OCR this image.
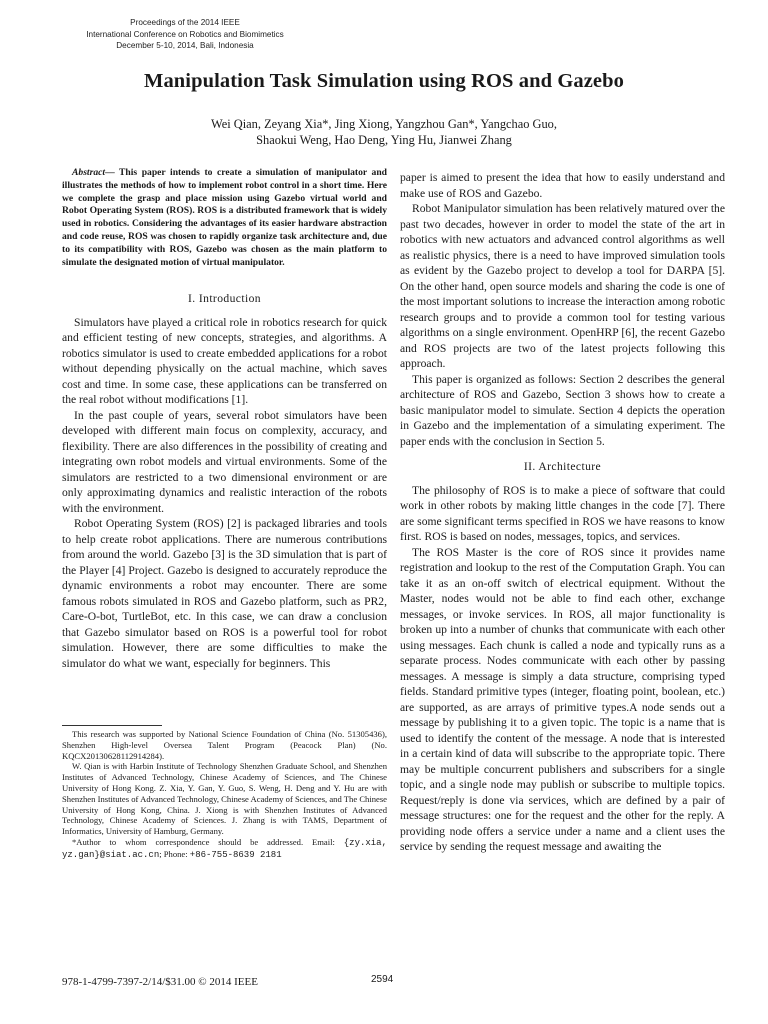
Proceedings of the 2014 IEEE
International Conference on Robotics and Biomimetics
December 5-10, 2014, Bali, Indonesia
Manipulation Task Simulation using ROS and Gazebo
Wei Qian, Zeyang Xia*, Jing Xiong, Yangzhou Gan*, Yangchao Guo,
Shaokui Weng, Hao Deng, Ying Hu, Jianwei Zhang

Abstract— This paper intends to create a simulation of manipulator and illustrates the methods of how to implement robot control in a short time. Here we complete the grasp and place mission using Gazebo virtual world and Robot Operating System (ROS). ROS is a distributed framework that is widely used in robotics. Considering the advantages of its easier hardware abstraction and code reuse, ROS was chosen to rapidly organize task architecture and, due to its compatibility with ROS, Gazebo was chosen as the main platform to simulate the designated motion of virtual manipulator.

I. Introduction

Simulators have played a critical role in robotics research for quick and efficient testing of new concepts, strategies, and algorithms. A robotics simulator is used to create embedded applications for a robot without depending physically on the actual machine, which saves cost and time. In some case, these applications can be transferred on the real robot without modifications [1].

In the past couple of years, several robot simulators have been developed with different main focus on complexity, accuracy, and flexibility. There are also differences in the possibility of creating and integrating own robot models and virtual environments. Some of the simulators are restricted to a two dimensional environment or are only approximating dynamics and realistic interaction of the robots with the environment.

Robot Operating System (ROS) [2] is packaged libraries and tools to help create robot applications. There are numerous contributions from around the world. Gazebo [3] is the 3D simulation that is part of the Player [4] Project. Gazebo is designed to accurately reproduce the dynamic environments a robot may encounter. There are some famous robots simulated in ROS and Gazebo platform, such as PR2, Care-O-bot, TurtleBot, etc. In this case, we can draw a conclusion that Gazebo simulator based on ROS is a powerful tool for robot simulation. However, there are some difficulties to make the simulator do what we want, especially for beginners. This

This research was supported by National Science Foundation of China (No. 51305436), Shenzhen High-level Oversea Talent Program (Peacock Plan) (No. KQCX20130628112914284).

W. Qian is with Harbin Institute of Technology Shenzhen Graduate School, and Shenzhen Institutes of Advanced Technology, Chinese Academy of Sciences, and The Chinese University of Hong Kong. Z. Xia, Y. Gan, Y. Guo, S. Weng, H. Deng and Y. Hu are with Shenzhen Institutes of Advanced Technology, Chinese Academy of Sciences, and The Chinese University of Hong Kong, China. J. Xiong is with Shenzhen Institutes of Advanced Technology, Chinese Academy of Sciences. J. Zhang is with TAMS, Department of Informatics, University of Hamburg, Germany.

*Author to whom correspondence should be addressed. Email: {zy.xia, yz.gan}@siat.ac.cn; Phone: +86-755-8639 2181

paper is aimed to present the idea that how to easily understand and make use of ROS and Gazebo.

Robot Manipulator simulation has been relatively matured over the past two decades, however in order to model the state of the art in robotics with new actuators and advanced control algorithms as well as realistic physics, there is a need to have improved simulation tools as evident by the Gazebo project to develop a tool for DARPA [5]. On the other hand, open source models and sharing the code is one of the most important solutions to increase the interaction among robotic research groups and to provide a common tool for testing various algorithms on a single environment. OpenHRP [6], the recent Gazebo and ROS projects are two of the latest projects following this approach.

This paper is organized as follows: Section 2 describes the general architecture of ROS and Gazebo, Section 3 shows how to create a basic manipulator model to simulate. Section 4 depicts the operation in Gazebo and the implementation of a simulating experiment. The paper ends with the conclusion in Section 5.

II. Architecture

The philosophy of ROS is to make a piece of software that could work in other robots by making little changes in the code [7]. There are some significant terms specified in ROS we have reasons to know first. ROS is based on nodes, messages, topics, and services.

The ROS Master is the core of ROS since it provides name registration and lookup to the rest of the Computation Graph. You can take it as an on-off switch of electrical equipment. Without the Master, nodes would not be able to find each other, exchange messages, or invoke services. In ROS, all major functionality is broken up into a number of chunks that communicate with each other using messages. Each chunk is called a node and typically runs as a separate process. Nodes communicate with each other by passing messages. A message is simply a data structure, comprising typed fields. Standard primitive types (integer, floating point, boolean, etc.) are supported, as are arrays of primitive types.A node sends out a message by publishing it to a given topic. The topic is a name that is used to identify the content of the message. A node that is interested in a certain kind of data will subscribe to the appropriate topic. There may be multiple concurrent publishers and subscribers for a single topic, and a single node may publish or subscribe to multiple topics. Request/reply is done via services, which are defined by a pair of message structures: one for the request and the other for the reply. A providing node offers a service under a name and a client uses the service by sending the request message and awaiting the

978-1-4799-7397-2/14/$31.00 © 2014 IEEE	2594
